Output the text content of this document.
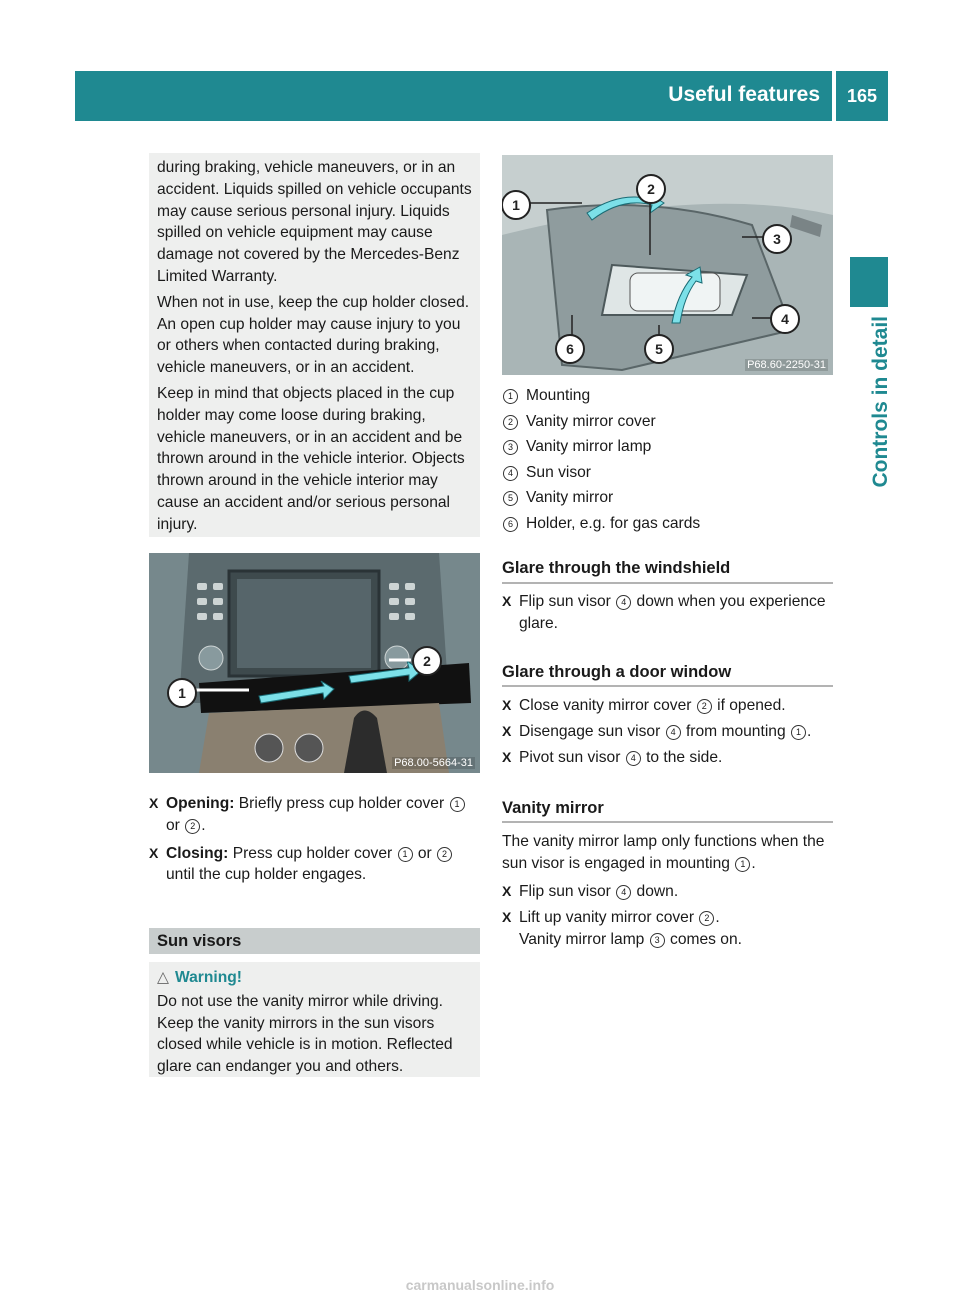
Useful features	165
Controls in detail

during braking, vehicle maneuvers, or in an accident. Liquids spilled on vehicle occupants may cause serious personal injury. Liquids spilled on vehicle equipment may cause damage not covered by the Mercedes-Benz Limited Warranty.

When not in use, keep the cup holder closed. An open cup holder may cause injury to you or others when contacted during braking, vehicle maneuvers, or in an accident.

Keep in mind that objects placed in the cup holder may come loose during braking, vehicle maneuvers, or in an accident and be thrown around in the vehicle interior. Objects thrown around in the vehicle interior may cause an accident and/or serious personal injury.

1
2
P68.00-5664-31

X Opening: Briefly press cup holder cover 1 or 2 .

X Closing: Press cup holder cover 1 or 2 until the cup holder engages.

Sun visors
△ Warning!

Do not use the vanity mirror while driving. Keep the vanity mirrors in the sun visors closed while vehicle is in motion. Reflected glare can endanger you and others.

1
2
3
4
5
6
P68.60-2250-31
1 Mounting
2 Vanity mirror cover
3 Vanity mirror lamp
4 Sun visor
5 Vanity mirror
6 Holder, e.g. for gas cards
Glare through the windshield

X Flip sun visor 4 down when you experience glare.

Glare through a door window

X Close vanity mirror cover 2 if opened.

X Disengage sun visor 4 from mounting 1 .

X Pivot sun visor 4 to the side.

Vanity mirror

The vanity mirror lamp only functions when the sun visor is engaged in mounting 1 .

X Flip sun visor 4 down.

X Lift up vanity mirror cover 2 .
Vanity mirror lamp 3 comes on.

carmanualsonline.info
